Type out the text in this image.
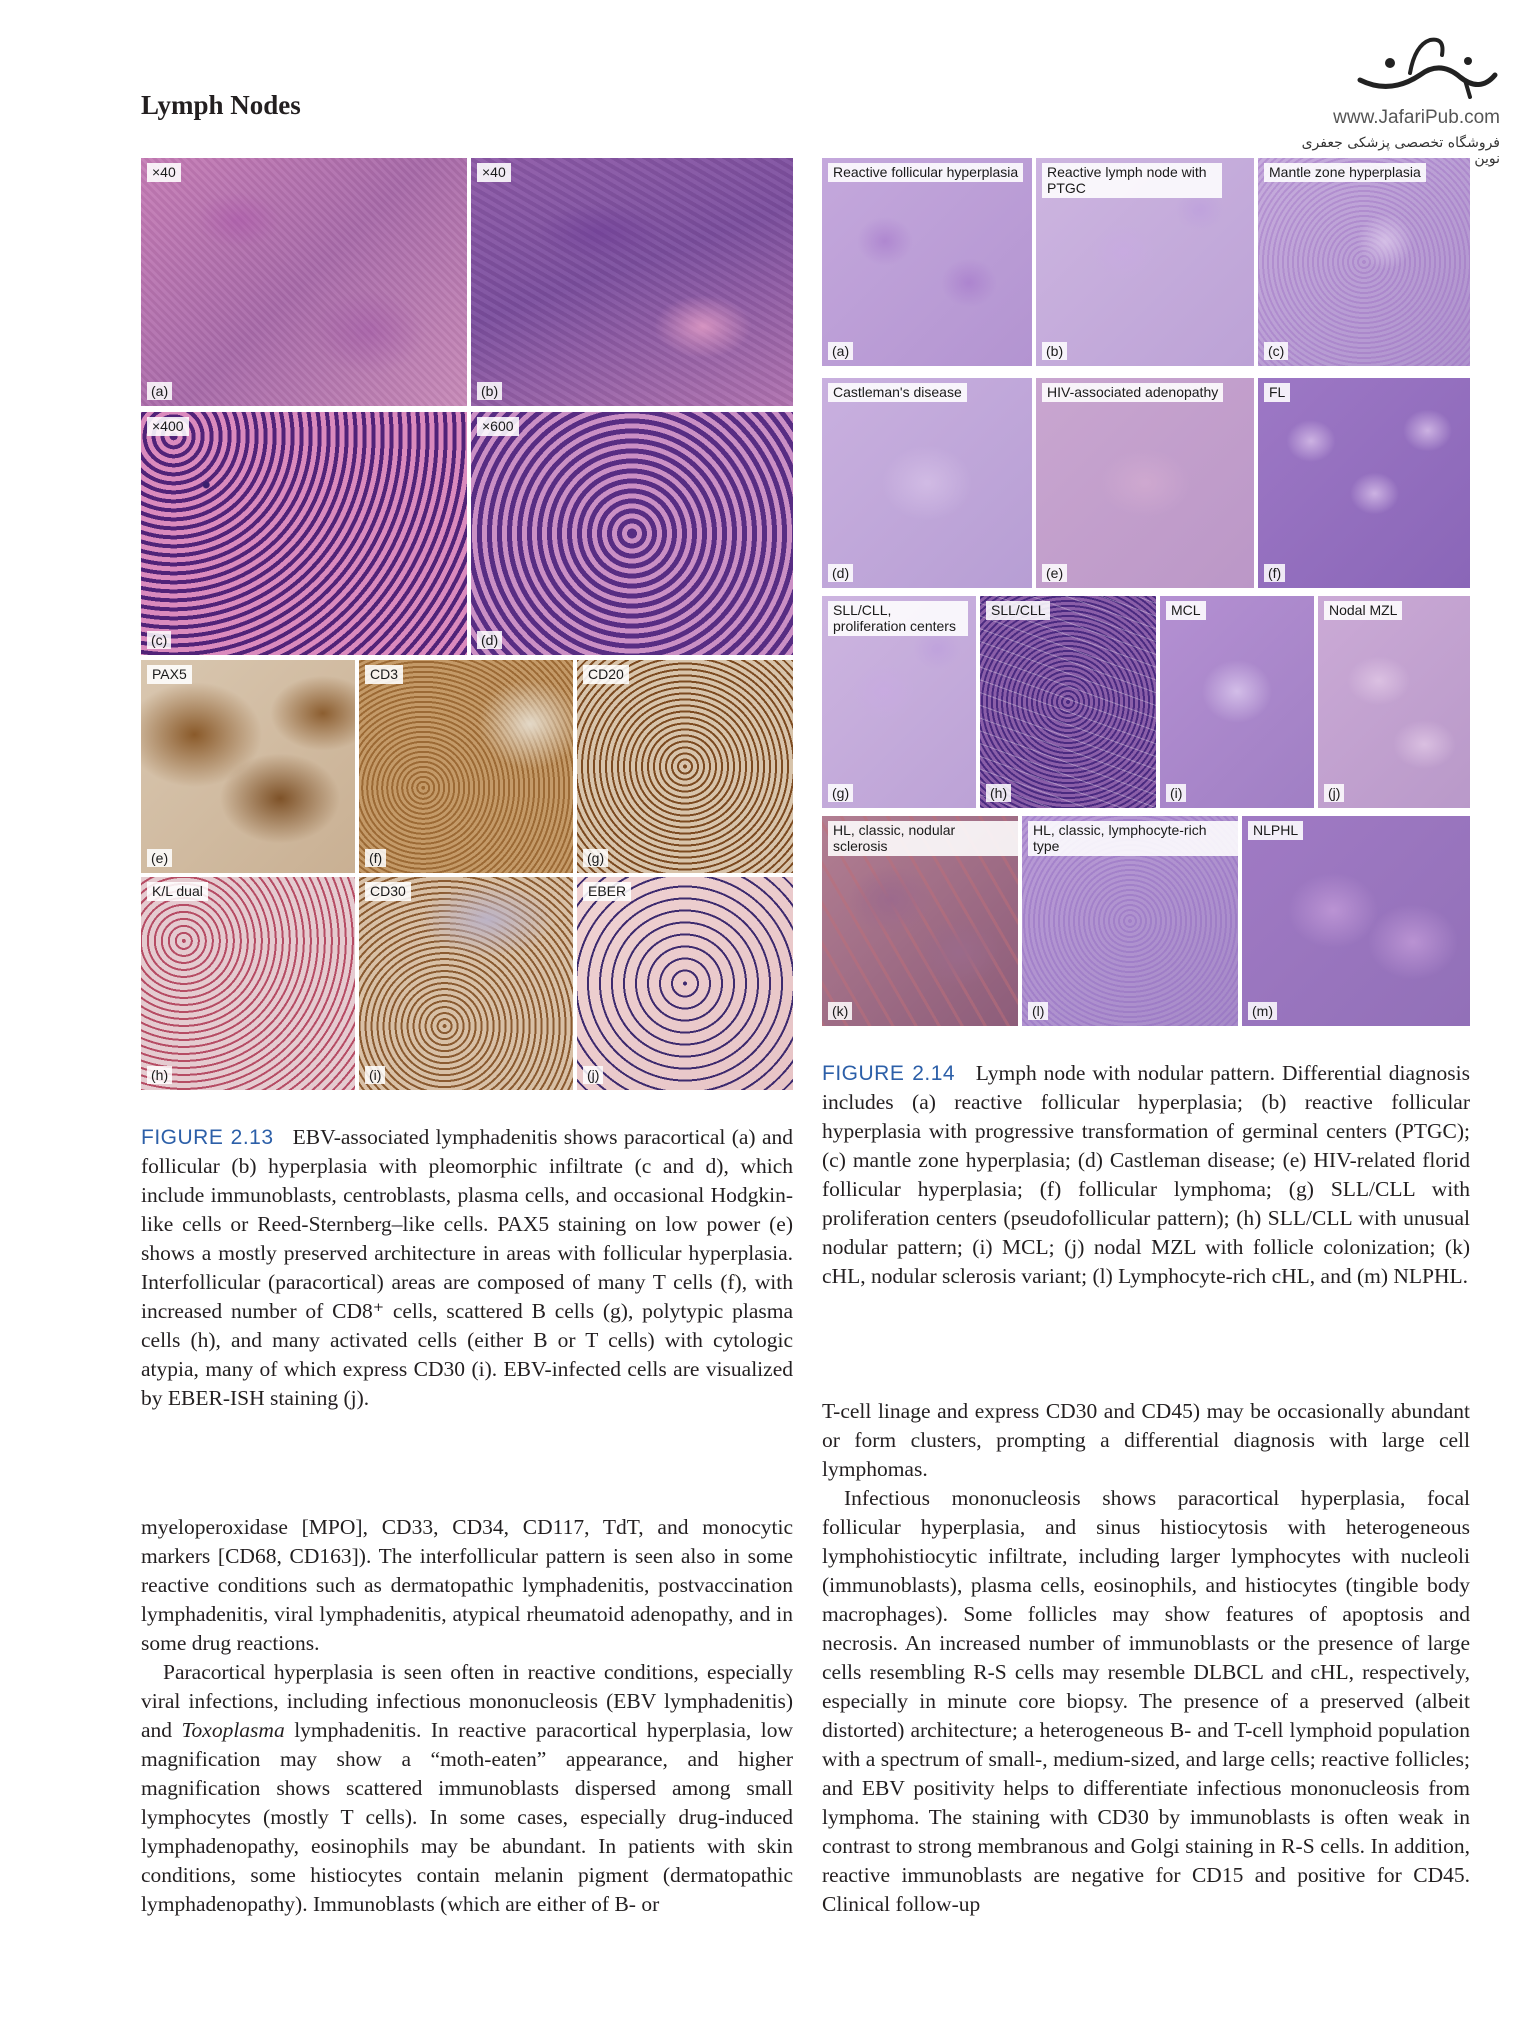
Lymph Nodes	www.JafariPub.com
فروشگاه تخصصی پزشکی جعفری نوین
×40
(a)
×40
(b)
×400
(c)
×600
(d)
PAX5
(e)
CD3
(f)
CD20
(g)
K/L dual
(h)
CD30
(i)
EBER
(j)
Reactive follicular hyperplasia
(a)
Reactive lymph node with PTGC
(b)
Mantle zone hyperplasia
(c)
Castleman's disease
(d)
HIV-associated adenopathy
(e)
FL
(f)
SLL/CLL, proliferation centers
(g)
SLL/CLL
(h)
MCL
(i)
Nodal MZL
(j)
HL, classic, nodular sclerosis
(k)
HL, classic, lymphocyte-rich type
(l)
NLPHL
(m)
FIGURE 2.14 Lymph node with nodular pattern. Differential diagnosis includes (a) reactive follicular hyperplasia; (b) reactive follicular hyperplasia with progressive transformation of germinal centers (PTGC); (c) mantle zone hyperplasia; (d) Castleman disease; (e) HIV-related florid follicular hyperplasia; (f) follicular lymphoma; (g) SLL/CLL with proliferation centers (pseudofollicular pattern); (h) SLL/CLL with unusual nodular pattern; (i) MCL; (j) nodal MZL with follicle colonization; (k) cHL, nodular sclerosis variant; (l) Lymphocyte-rich cHL, and (m) NLPHL.
FIGURE 2.13 EBV-associated lymphadenitis shows paracortical (a) and follicular (b) hyperplasia with pleomorphic infiltrate (c and d), which include immunoblasts, centroblasts, plasma cells, and occasional Hodgkin-like cells or Reed-Sternberg–like cells. PAX5 staining on low power (e) shows a mostly preserved architecture in areas with follicular hyperplasia. Interfollicular (paracortical) areas are composed of many T cells (f), with increased number of CD8⁺ cells, scattered B cells (g), polytypic plasma cells (h), and many activated cells (either B or T cells) with cytologic atypia, many of which express CD30 (i). EBV-infected cells are visualized by EBER-ISH staining (j).

myeloperoxidase [MPO], CD33, CD34, CD117, TdT, and monocytic markers [CD68, CD163]). The interfollicular pattern is seen also in some reactive conditions such as dermatopathic lymphadenitis, postvaccination lymphadenitis, viral lymphadenitis, atypical rheumatoid adenopathy, and in some drug reactions.

Paracortical hyperplasia is seen often in reactive conditions, especially viral infections, including infectious mononucleosis (EBV lymphadenitis) and Toxoplasma lymphadenitis. In reactive paracortical hyperplasia, low magnification may show a “moth-eaten” appearance, and higher magnification shows scattered immunoblasts dispersed among small lymphocytes (mostly T cells). In some cases, especially drug-induced lymphadenopathy, eosinophils may be abundant. In patients with skin conditions, some histiocytes contain melanin pigment (dermatopathic lymphadenopathy). Immunoblasts (which are either of B- or

T-cell linage and express CD30 and CD45) may be occasionally abundant or form clusters, prompting a differential diagnosis with large cell lymphomas.

Infectious mononucleosis shows paracortical hyperplasia, focal follicular hyperplasia, and sinus histiocytosis with heterogeneous lymphohistiocytic infiltrate, including larger lymphocytes with nucleoli (immunoblasts), plasma cells, eosinophils, and histiocytes (tingible body macrophages). Some follicles may show features of apoptosis and necrosis. An increased number of immunoblasts or the presence of large cells resembling R-S cells may resemble DLBCL and cHL, respectively, especially in minute core biopsy. The presence of a preserved (albeit distorted) architecture; a heterogeneous B- and T-cell lymphoid population with a spectrum of small-, medium-sized, and large cells; reactive follicles; and EBV positivity helps to differentiate infectious mononucleosis from lymphoma. The staining with CD30 by immunoblasts is often weak in contrast to strong membranous and Golgi staining in R-S cells. In addition, reactive immunoblasts are negative for CD15 and positive for CD45. Clinical follow-up
